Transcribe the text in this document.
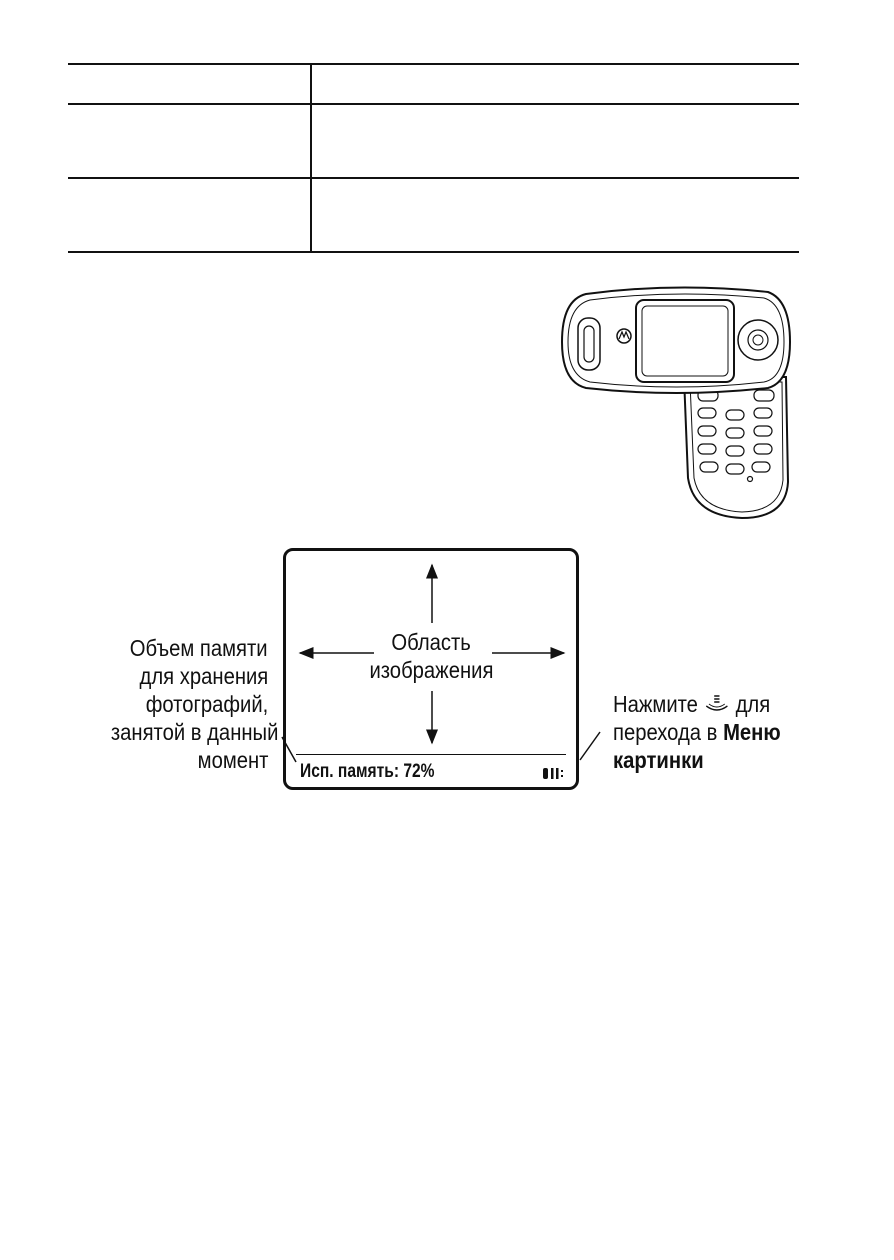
Область
изображения
Исп. память: 72%
Объем памяти
для хранения
фотографий,
занятой в данный
момент
Нажмите для
перехода в Меню
картинки
